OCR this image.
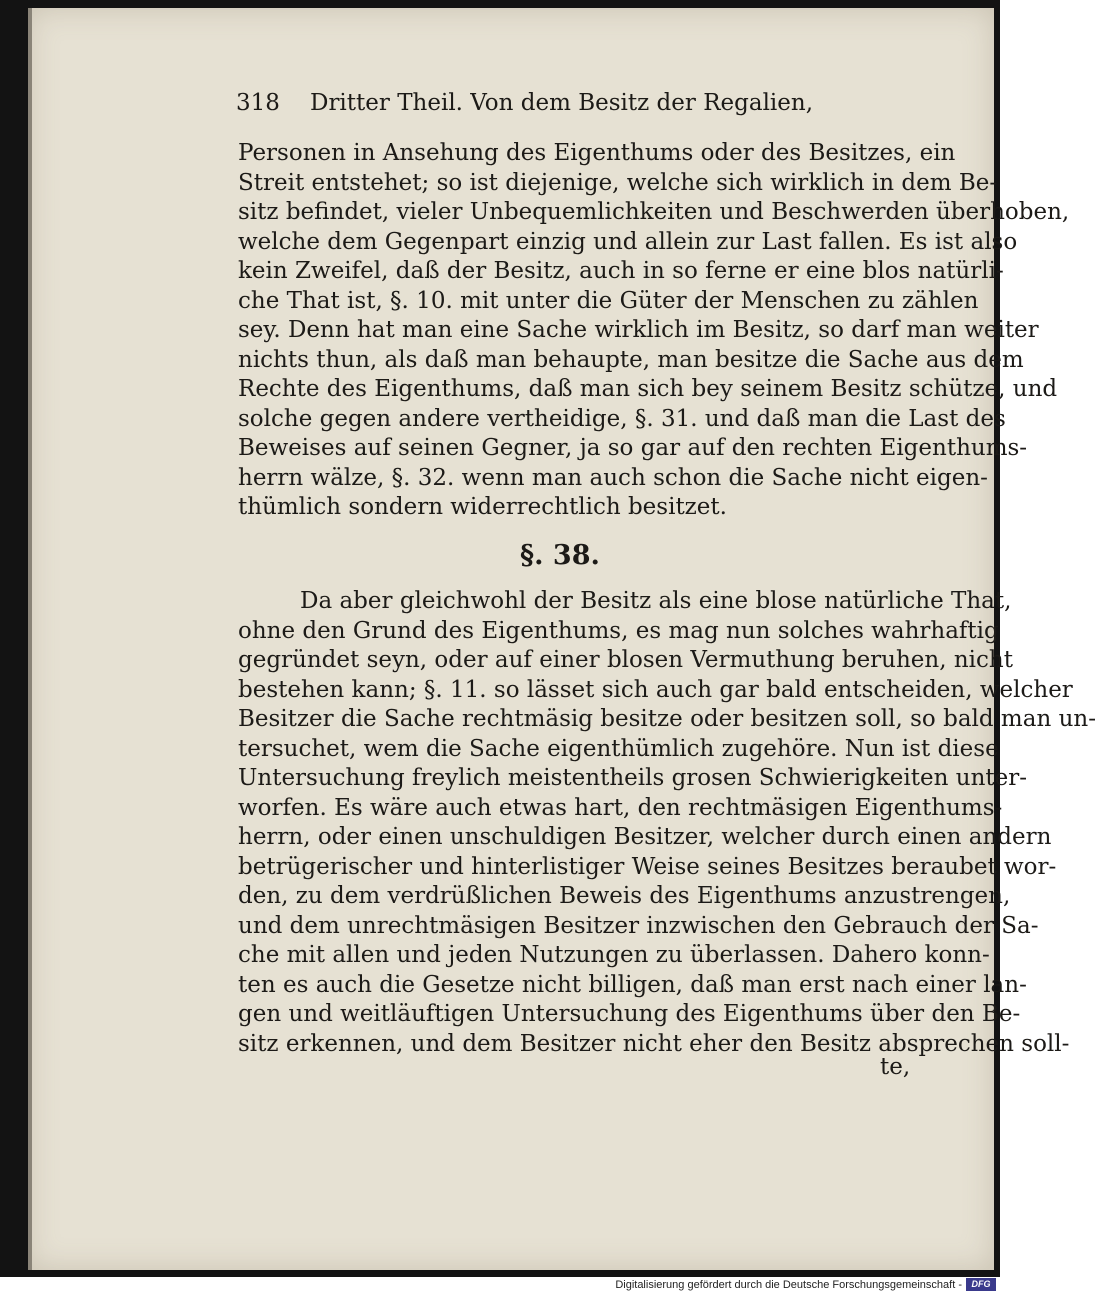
318	Dritter Theil. Von dem Besitz der Regalien,

Personen in Ansehung des Eigenthums oder des Besitzes, ein

Streit entstehet; so ist diejenige, welche sich wirklich in dem Be-

sitz befindet, vieler Unbequemlichkeiten und Beschwerden überhoben,

welche dem Gegenpart einzig und allein zur Last fallen. Es ist also

kein Zweifel, daß der Besitz, auch in so ferne er eine blos natürli-

che That ist, §. 10. mit unter die Güter der Menschen zu zählen

sey. Denn hat man eine Sache wirklich im Besitz, so darf man weiter

nichts thun, als daß man behaupte, man besitze die Sache aus dem

Rechte des Eigenthums, daß man sich bey seinem Besitz schütze, und

solche gegen andere vertheidige, §. 31. und daß man die Last des

Beweises auf seinen Gegner, ja so gar auf den rechten Eigenthums-

herrn wälze, §. 32. wenn man auch schon die Sache nicht eigen-

thümlich sondern widerrechtlich besitzet.

§. 38.

Da aber gleichwohl der Besitz als eine blose natürliche That,

ohne den Grund des Eigenthums, es mag nun solches wahrhaftig

gegründet seyn, oder auf einer blosen Vermuthung beruhen, nicht

bestehen kann; §. 11. so lässet sich auch gar bald entscheiden, welcher

Besitzer die Sache rechtmäsig besitze oder besitzen soll, so bald man un-

tersuchet, wem die Sache eigenthümlich zugehöre. Nun ist diese

Untersuchung freylich meistentheils grosen Schwierigkeiten unter-

worfen. Es wäre auch etwas hart, den rechtmäsigen Eigenthums-

herrn, oder einen unschuldigen Besitzer, welcher durch einen andern

betrügerischer und hinterlistiger Weise seines Besitzes beraubet wor-

den, zu dem verdrüßlichen Beweis des Eigenthums anzustrengen,

und dem unrechtmäsigen Besitzer inzwischen den Gebrauch der Sa-

che mit allen und jeden Nutzungen zu überlassen. Dahero konn-

ten es auch die Gesetze nicht billigen, daß man erst nach einer lan-

gen und weitläuftigen Untersuchung des Eigenthums über den Be-

sitz erkennen, und dem Besitzer nicht eher den Besitz absprechen soll-

te,

Digitalisierung gefördert durch die Deutsche Forschungsgemeinschaft -	DFG
